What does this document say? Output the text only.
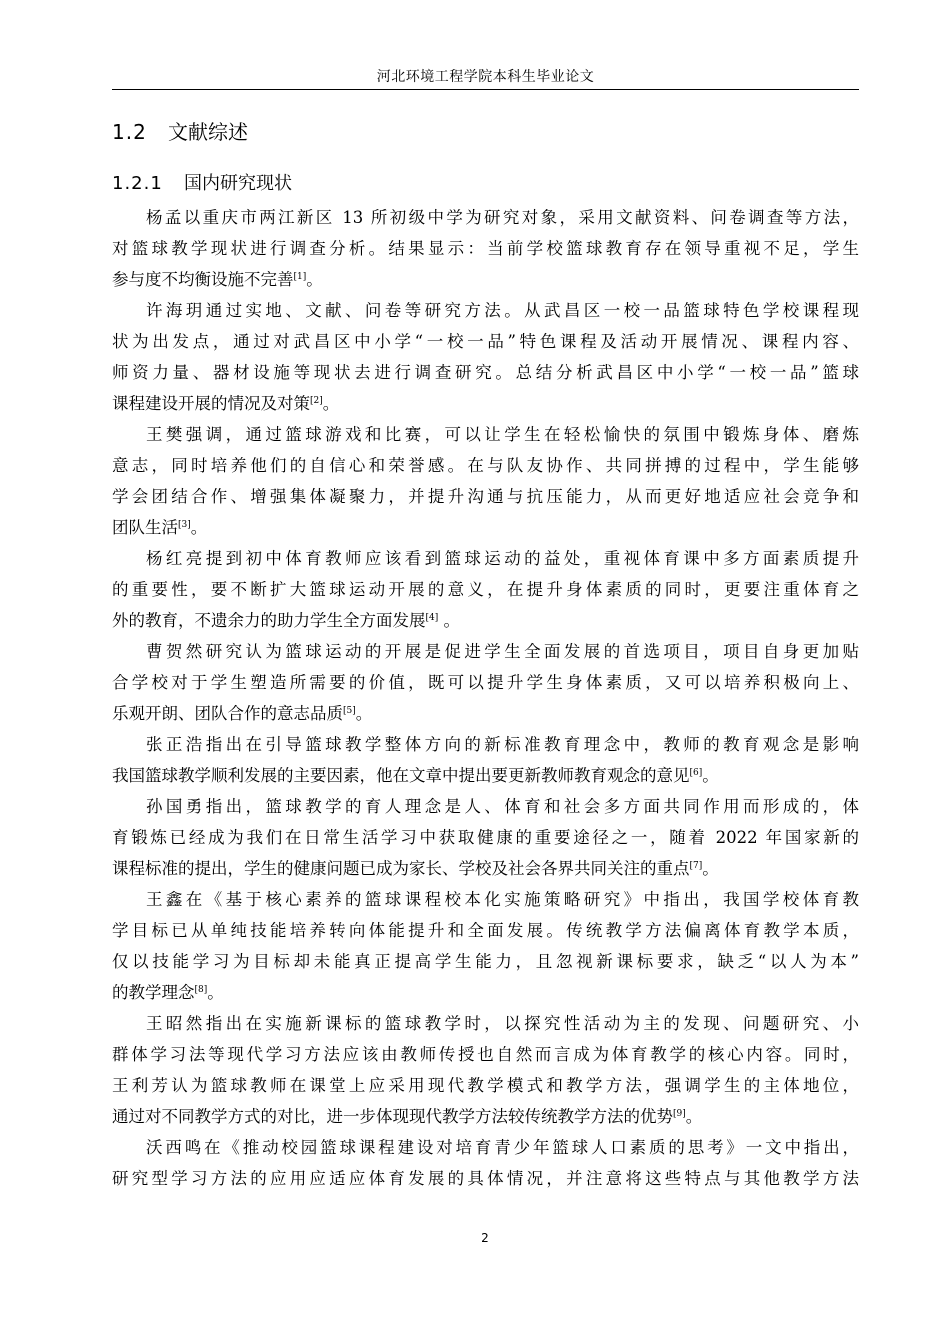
河北环境工程学院本科生毕业论文
1.2 文献综述
1.2.1 国内研究现状
杨孟以重庆市两江新区 13 所初级中学为研究对象，采用文献资料、问卷调查等方法，
对篮球教学现状进行调查分析。结果显示：当前学校篮球教育存在领导重视不足，学生
参与度不均衡设施不完善[1]。
许海玥通过实地、文献、问卷等研究方法。从武昌区一校一品篮球特色学校课程现
状为出发点，通过对武昌区中小学“一校一品”特色课程及活动开展情况、课程内容、
师资力量、器材设施等现状去进行调查研究。总结分析武昌区中小学“一校一品”篮球
课程建设开展的情况及对策[2]。
王樊强调，通过篮球游戏和比赛，可以让学生在轻松愉快的氛围中锻炼身体、磨炼
意志，同时培养他们的自信心和荣誉感。在与队友协作、共同拼搏的过程中，学生能够
学会团结合作、增强集体凝聚力，并提升沟通与抗压能力，从而更好地适应社会竞争和
团队生活[3]。
杨红亮提到初中体育教师应该看到篮球运动的益处，重视体育课中多方面素质提升
的重要性，要不断扩大篮球运动开展的意义，在提升身体素质的同时，更要注重体育之
外的教育，不遗余力的助力学生全方面发展[4] 。
曹贺然研究认为篮球运动的开展是促进学生全面发展的首选项目，项目自身更加贴
合学校对于学生塑造所需要的价值，既可以提升学生身体素质，又可以培养积极向上、
乐观开朗、团队合作的意志品质[5]。
张正浩指出在引导篮球教学整体方向的新标准教育理念中，教师的教育观念是影响
我国篮球教学顺利发展的主要因素，他在文章中提出要更新教师教育观念的意见[6]。
孙国勇指出，篮球教学的育人理念是人、体育和社会多方面共同作用而形成的，体
育锻炼已经成为我们在日常生活学习中获取健康的重要途径之一，随着 2022 年国家新的
课程标准的提出，学生的健康问题已成为家长、学校及社会各界共同关注的重点[7]。
王鑫在《基于核心素养的篮球课程校本化实施策略研究》中指出，我国学校体育教
学目标已从单纯技能培养转向体能提升和全面发展。传统教学方法偏离体育教学本质，
仅以技能学习为目标却未能真正提高学生能力，且忽视新课标要求，缺乏“以人为本”
的教学理念[8]。
王昭然指出在实施新课标的篮球教学时，以探究性活动为主的发现、问题研究、小
群体学习法等现代学习方法应该由教师传授也自然而言成为体育教学的核心内容。同时，
王利芳认为篮球教师在课堂上应采用现代教学模式和教学方法，强调学生的主体地位，
通过对不同教学方式的对比，进一步体现现代教学方法较传统教学方法的优势[9]。
沃西鸣在《推动校园篮球课程建设对培育青少年篮球人口素质的思考》一文中指出，
研究型学习方法的应用应适应体育发展的具体情况，并注意将这些特点与其他教学方法
2
